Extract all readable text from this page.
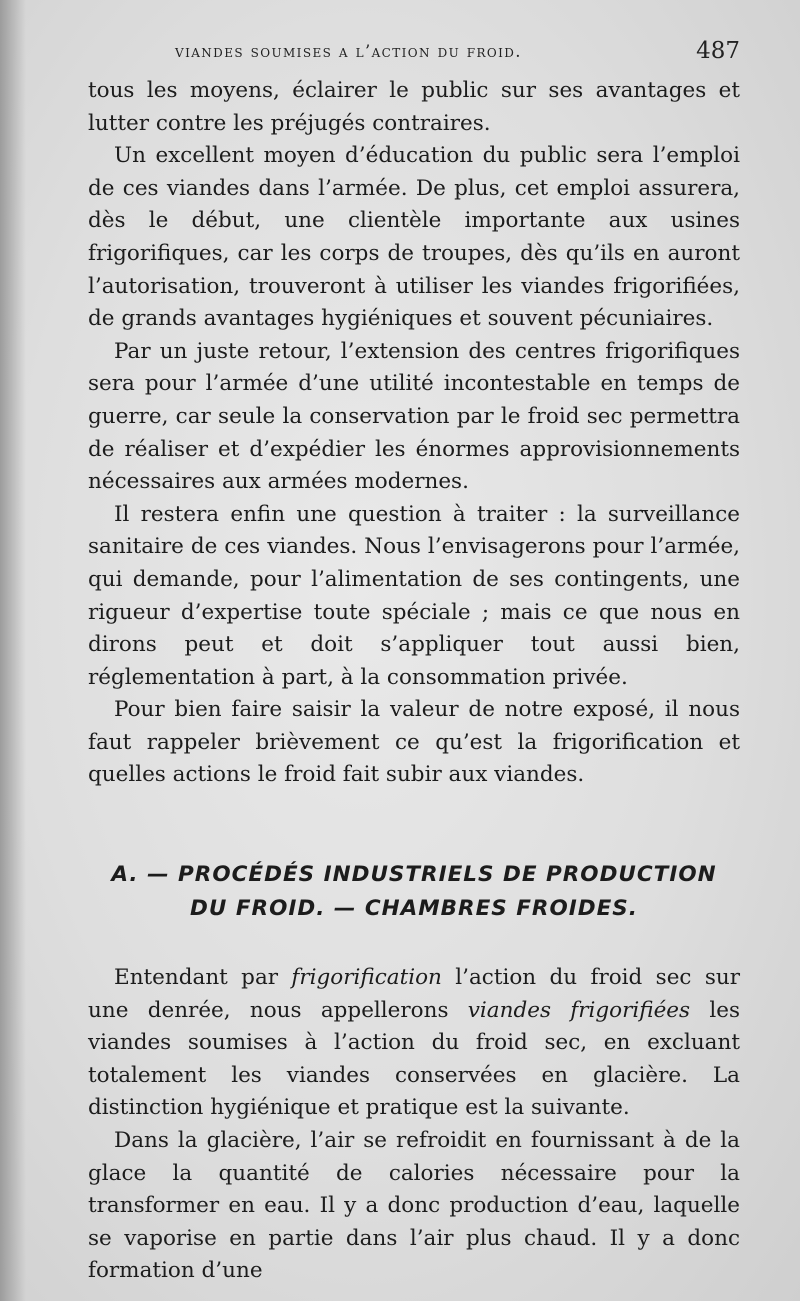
viandes soumises a l’action du froid.	487

tous les moyens, éclairer le public sur ses avantages et lutter contre les préjugés contraires.

Un excellent moyen d’éducation du public sera l’emploi de ces viandes dans l’armée. De plus, cet emploi assurera, dès le début, une clientèle importante aux usines frigorifiques, car les corps de troupes, dès qu’ils en auront l’autorisation, trouveront à utiliser les viandes frigorifiées, de grands avantages hygiéniques et souvent pécuniaires.

Par un juste retour, l’extension des centres frigorifiques sera pour l’armée d’une utilité incontestable en temps de guerre, car seule la conservation par le froid sec permettra de réaliser et d’expédier les énormes approvisionnements nécessaires aux armées modernes.

Il restera enfin une question à traiter : la surveillance sanitaire de ces viandes. Nous l’envisagerons pour l’armée, qui demande, pour l’alimentation de ses contingents, une rigueur d’expertise toute spéciale ; mais ce que nous en dirons peut et doit s’appliquer tout aussi bien, réglementation à part, à la consommation privée.

Pour bien faire saisir la valeur de notre exposé, il nous faut rappeler brièvement ce qu’est la frigorification et quelles actions le froid fait subir aux viandes.

A. — PROCÉDÉS INDUSTRIELS DE PRODUCTION
DU FROID. — CHAMBRES FROIDES.

Entendant par frigorification l’action du froid sec sur une denrée, nous appellerons viandes frigorifiées les viandes soumises à l’action du froid sec, en excluant totalement les viandes conservées en glacière. La distinction hygiénique et pratique est la suivante.

Dans la glacière, l’air se refroidit en fournissant à de la glace la quantité de calories nécessaire pour la transformer en eau. Il y a donc production d’eau, laquelle se vaporise en partie dans l’air plus chaud. Il y a donc formation d’une
